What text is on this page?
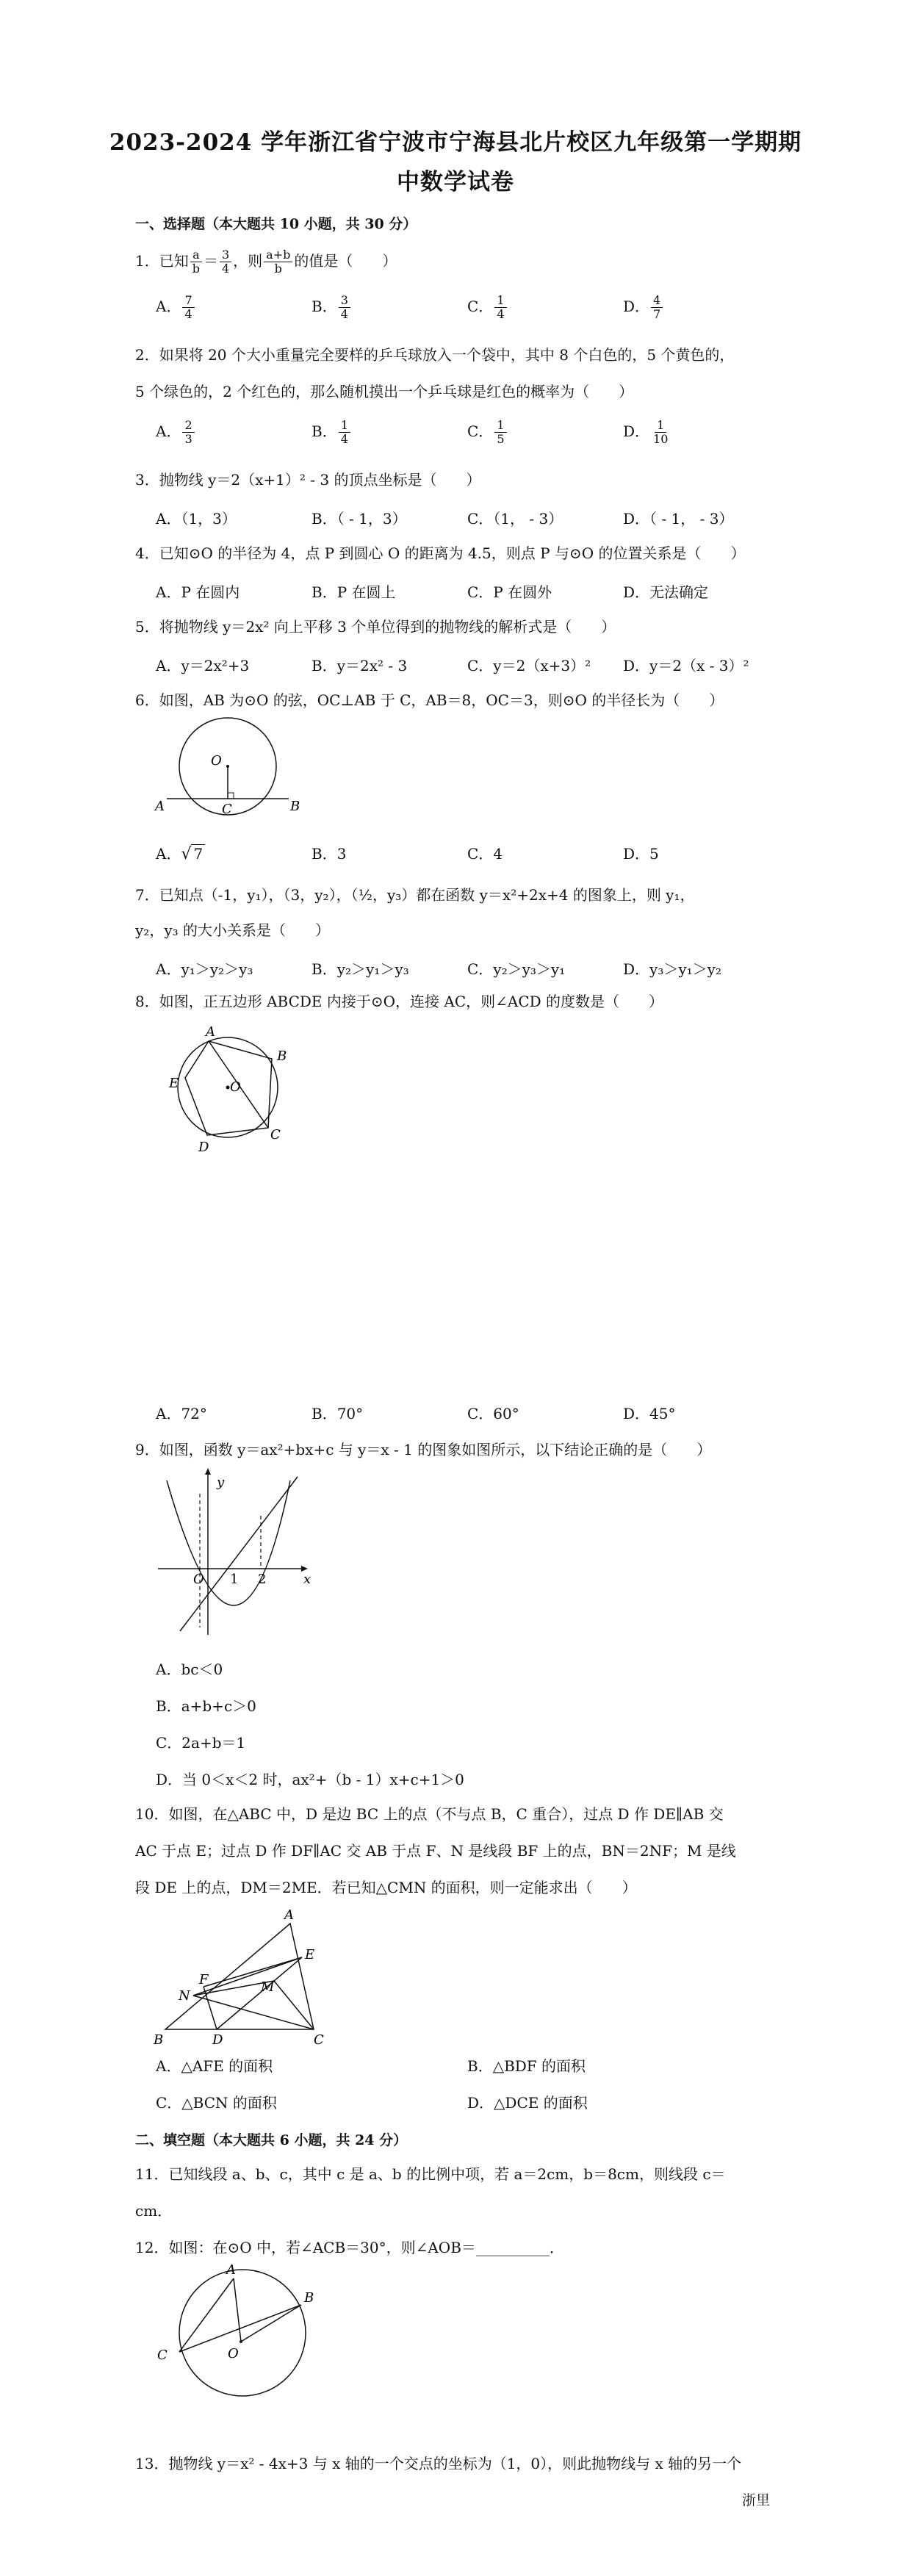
2023-2024 学年浙江省宁波市宁海县北片校区九年级第一学期期
中数学试卷
一、选择题（本大题共 10 小题，共 30 分）
1．已知 $\frac{a}{b} = \frac{3}{4}$ ，则 $\frac{a+b}{b}$ 的值是（　　）
A． $\frac{7}{4}$	B． $\frac{3}{4}$	C． $\frac{1}{4}$	D． $\frac{4}{7}$
2．如果将 20 个大小重量完全要样的乒乓球放入一个袋中，其中 8 个白色的，5 个黄色的，
5 个绿色的，2 个红色的，那么随机摸出一个乒乓球是红色的概率为（　　）
A． $\frac{2}{3}$	B． $\frac{1}{4}$	C． $\frac{1}{5}$	D． $\frac{1}{10}$
3．抛物线 y＝2（x+1）² - 3 的顶点坐标是（　　）
A．（1，3）	B．（ - 1，3）	C．（1， - 3）	D．（ - 1， - 3）
4．已知⊙O 的半径为 4，点 P 到圆心 O 的距离为 4.5，则点 P 与⊙O 的位置关系是（　　）
A．P 在圆内	B．P 在圆上	C．P 在圆外	D．无法确定
5．将抛物线 y＝2x² 向上平移 3 个单位得到的抛物线的解析式是（　　）
A．y＝2x²+3	B．y＝2x² - 3	C．y＝2（x+3）² D．y＝2（x - 3）²
6．如图，AB 为⊙O 的弦，OC⊥AB 于 C，AB＝8，OC＝3，则⊙O 的半径长为（　　）
O
A	C	B
A．√ 7	B．3	C．4	D．5
7．已知点（-1，y₁），（3，y₂），（½，y₃）都在函数 y＝x²+2x+4 的图象上，则 y₁，
y₂，y₃ 的大小关系是（　　）
A．y₁＞y₂＞y₃	B．y₂＞y₁＞y₃	C．y₂＞y₃＞y₁	D．y₃＞y₁＞y₂
8．如图，正五边形 ABCDE 内接于⊙O，连接 AC，则∠ACD 的度数是（　　）
A
B
C
D
E	O
A．72°	B．70°	C．60°	D．45°
9．如图，函数 y＝ax²+bx+c 与 y＝x - 1 的图象如图所示，以下结论正确的是（　　）
y
x
O 1 2
A．bc＜0
B．a+b+c＞0
C．2a+b＝1
D．当 0＜x＜2 时，ax²+（b - 1）x+c+1＞0
10．如图，在△ABC 中，D 是边 BC 上的点（不与点 B，C 重合），过点 D 作 DE∥AB 交
AC 于点 E；过点 D 作 DF∥AC 交 AB 于点 F、N 是线段 BF 上的点，BN＝2NF；M 是线
段 DE 上的点，DM＝2ME．若已知△CMN 的面积，则一定能求出（　　）
A
B	C
D
E
F	M
N
A．△AFE 的面积	B．△BDF 的面积
C．△BCN 的面积	D．△DCE 的面积
二、填空题（本大题共 6 小题，共 24 分）
11．已知线段 a、b、c，其中 c 是 a、b 的比例中项，若 a＝2cm，b＝8cm，则线段 c＝
cm．
12．如图：在⊙O 中，若∠ACB＝30°，则∠AOB＝__________．
A
B
C	O
13．抛物线 y＝x² - 4x+3 与 x 轴的一个交点的坐标为（1，0），则此抛物线与 x 轴的另一个
浙里
